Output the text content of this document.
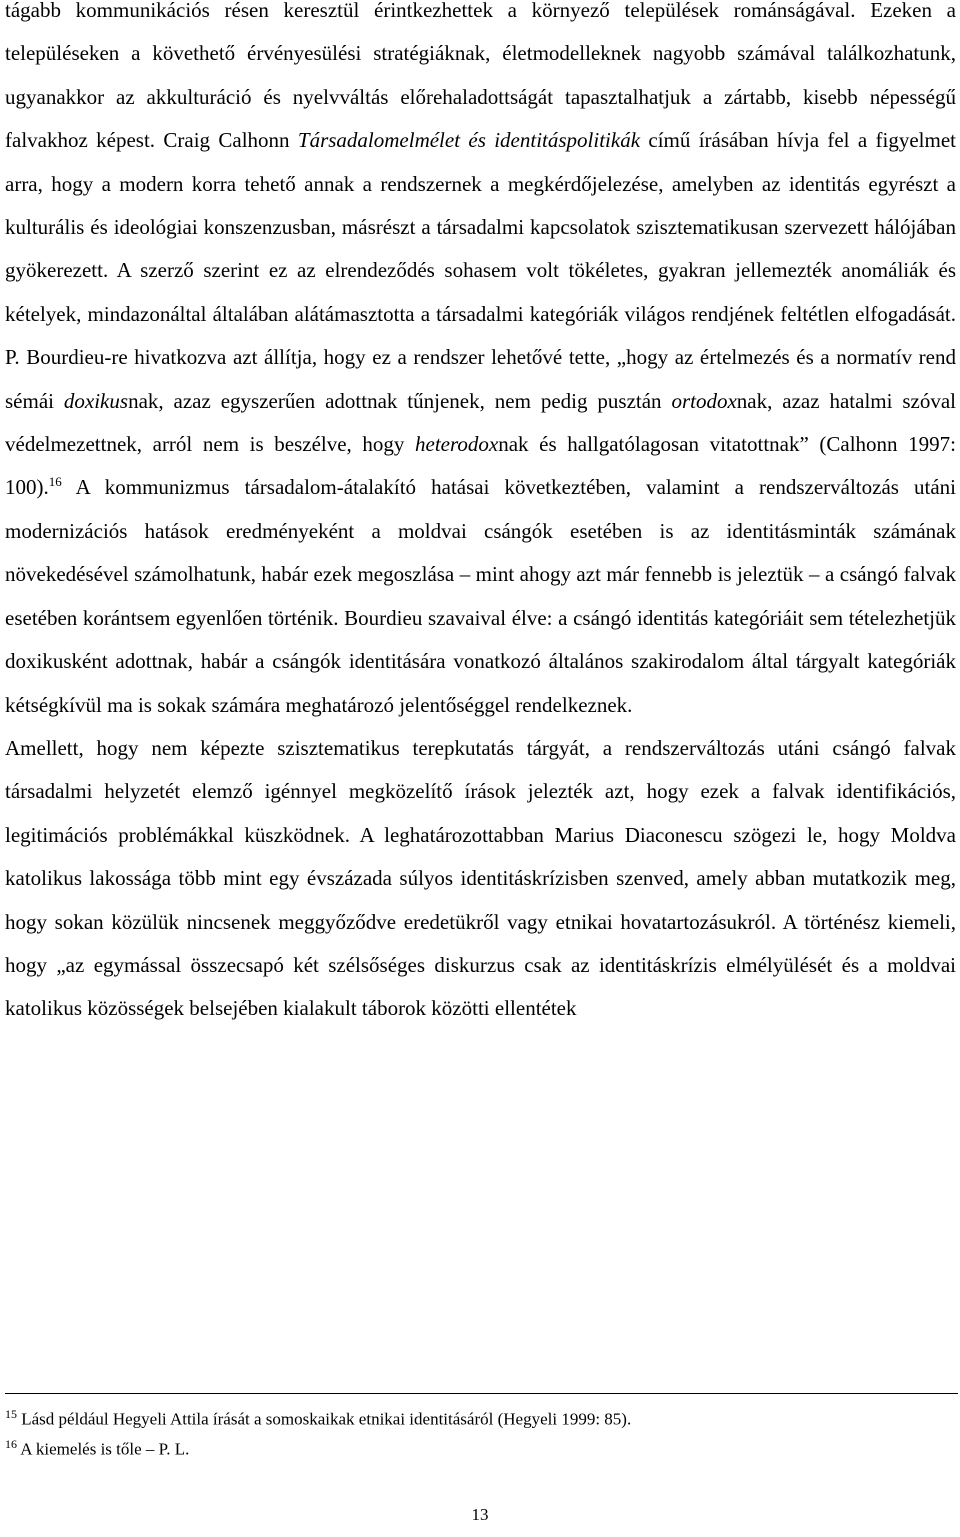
tágabb kommunikációs résen keresztül érintkezhettek a környező települések románságával. Ezeken a településeken a követhető érvényesülési stratégiáknak, életmodelleknek nagyobb számával találkozhatunk, ugyanakkor az akkulturáció és nyelvváltás előrehaladottságát tapasztalhatjuk a zártabb, kisebb népességű falvakhoz képest. Craig Calhonn Társadalomelmélet és identitáspolitikák című írásában hívja fel a figyelmet arra, hogy a modern korra tehető annak a rendszernek a megkérdőjelezése, amelyben az identitás egyrészt a kulturális és ideológiai konszenzusban, másrészt a társadalmi kapcsolatok szisztematikusan szervezett hálójában gyökerezett. A szerző szerint ez az elrendeződés sohasem volt tökéletes, gyakran jellemezték anomáliák és kételyek, mindazonáltal általában alátámasztotta a társadalmi kategóriák világos rendjének feltétlen elfogadását. P. Bourdieu-re hivatkozva azt állítja, hogy ez a rendszer lehetővé tette, „hogy az értelmezés és a normatív rend sémái doxikusnak, azaz egyszerűen adottnak tűnjenek, nem pedig pusztán ortodoxnak, azaz hatalmi szóval védelmezettnek, arról nem is beszélve, hogy heterodoxnak és hallgatólagosan vitatottnak” (Calhonn 1997: 100).$^{16}$ A kommunizmus társadalom-átalakító hatásai következtében, valamint a rendszerváltozás utáni modernizációs hatások eredményeként a moldvai csángók esetében is az identitásminták számának növekedésével számolhatunk, habár ezek megoszlása – mint ahogy azt már fennebb is jeleztük – a csángó falvak esetében korántsem egyenlően történik. Bourdieu szavaival élve: a csángó identitás kategóriáit sem tételezhetjük doxikusként adottnak, habár a csángók identitására vonatkozó általános szakirodalom által tárgyalt kategóriák kétségkívül ma is sokak számára meghatározó jelentőséggel rendelkeznek.

Amellett, hogy nem képezte szisztematikus terepkutatás tárgyát, a rendszerváltozás utáni csángó falvak társadalmi helyzetét elemző igénnyel megközelítő írások jelezték azt, hogy ezek a falvak identifikációs, legitimációs problémákkal küszködnek. A leghatározottabban Marius Diaconescu szögezi le, hogy Moldva katolikus lakossága több mint egy évszázada súlyos identitáskrízisben szenved, amely abban mutatkozik meg, hogy sokan közülük nincsenek meggyőződve eredetükről vagy etnikai hovatartozásukról. A történész kiemeli, hogy „az egymással összecsapó két szélsőséges diskurzus csak az identitáskrízis elmélyülését és a moldvai katolikus közösségek belsejében kialakult táborok közötti ellentétek

$^{15}$ Lásd például Hegyeli Attila írását a somoskaikak etnikai identitásáról (Hegyeli 1999: 85).
$^{16}$ A kiemelés is tőle – P. L.
13
